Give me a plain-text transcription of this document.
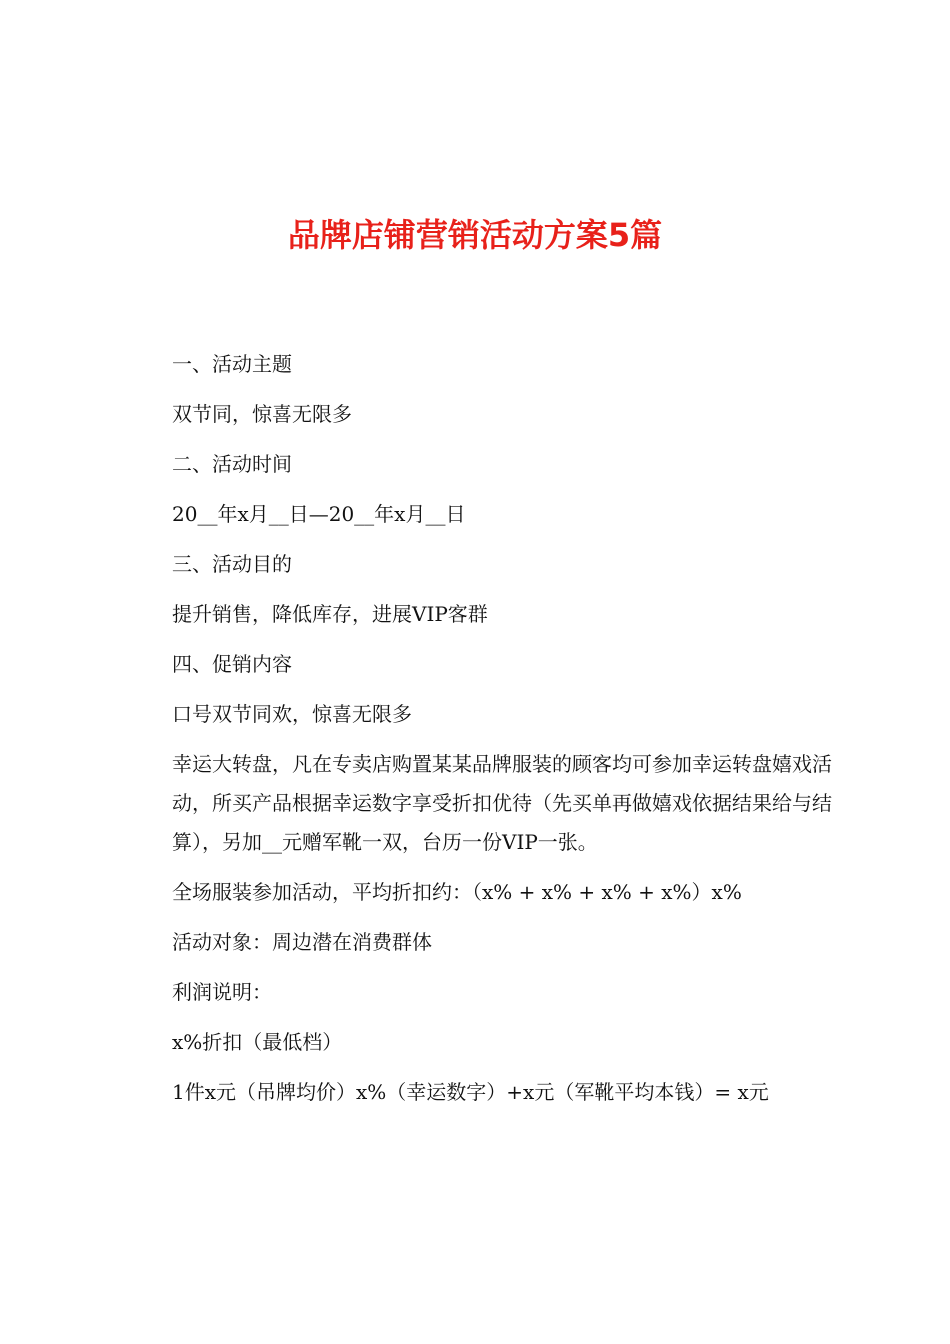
品牌店铺营销活动方案5篇

一、活动主题

双节同，惊喜无限多

二、活动时间

20__年x月__日—20__年x月__日

三、活动目的

提升销售，降低库存，进展VIP客群

四、促销内容

口号双节同欢，惊喜无限多

幸运大转盘，凡在专卖店购置某某品牌服装的顾客均可参加幸运转盘嬉戏活动，所买产品根据幸运数字享受折扣优待（先买单再做嬉戏依据结果给与结算），另加__元赠军靴一双，台历一份VIP一张。

全场服装参加活动，平均折扣约：（x% + x% + x% + x%）x%

活动对象：周边潜在消费群体

利润说明：

x%折扣（最低档）

1件x元（吊牌均价）x%（幸运数字）+x元（军靴平均本钱）= x元
